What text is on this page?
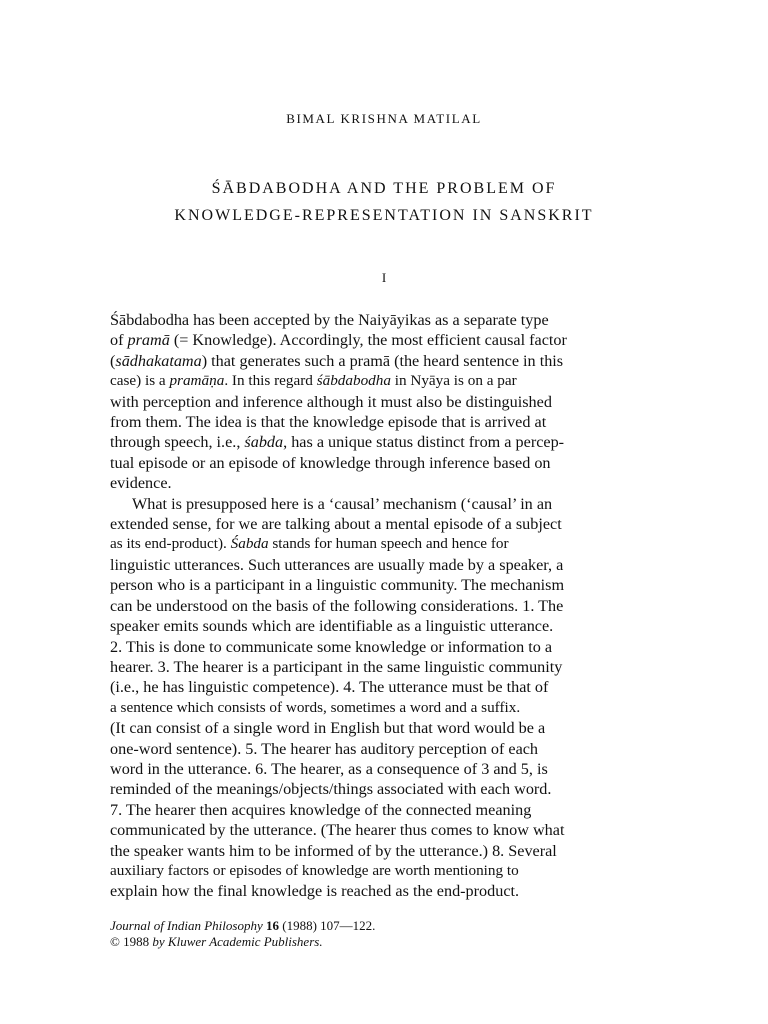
BIMAL KRISHNA MATILAL
ŚĀBDABODHA AND THE PROBLEM OF
KNOWLEDGE-REPRESENTATION IN SANSKRIT
I
Śābdabodha has been accepted by the Naiyāyikas as a separate type
of pramā (= Knowledge). Accordingly, the most efficient causal factor
(sādhakatama) that generates such a pramā (the heard sentence in this
case) is a pramāṇa. In this regard śābdabodha in Nyāya is on a par
with perception and inference although it must also be distinguished
from them. The idea is that the knowledge episode that is arrived at
through speech, i.e., śabda, has a unique status distinct from a percep-
tual episode or an episode of knowledge through inference based on
evidence.
What is presupposed here is a ‘causal’ mechanism (‘causal’ in an
extended sense, for we are talking about a mental episode of a subject
as its end-product). Śabda stands for human speech and hence for
linguistic utterances. Such utterances are usually made by a speaker, a
person who is a participant in a linguistic community. The mechanism
can be understood on the basis of the following considerations. 1. The
speaker emits sounds which are identifiable as a linguistic utterance.
2. This is done to communicate some knowledge or information to a
hearer. 3. The hearer is a participant in the same linguistic community
(i.e., he has linguistic competence). 4. The utterance must be that of
a sentence which consists of words, sometimes a word and a suffix.
(It can consist of a single word in English but that word would be a
one-word sentence). 5. The hearer has auditory perception of each
word in the utterance. 6. The hearer, as a consequence of 3 and 5, is
reminded of the meanings/objects/things associated with each word.
7. The hearer then acquires knowledge of the connected meaning
communicated by the utterance. (The hearer thus comes to know what
the speaker wants him to be informed of by the utterance.) 8. Several
auxiliary factors or episodes of knowledge are worth mentioning to
explain how the final knowledge is reached as the end-product.
Journal of Indian Philosophy 16 (1988) 107—122.
© 1988 by Kluwer Academic Publishers.
